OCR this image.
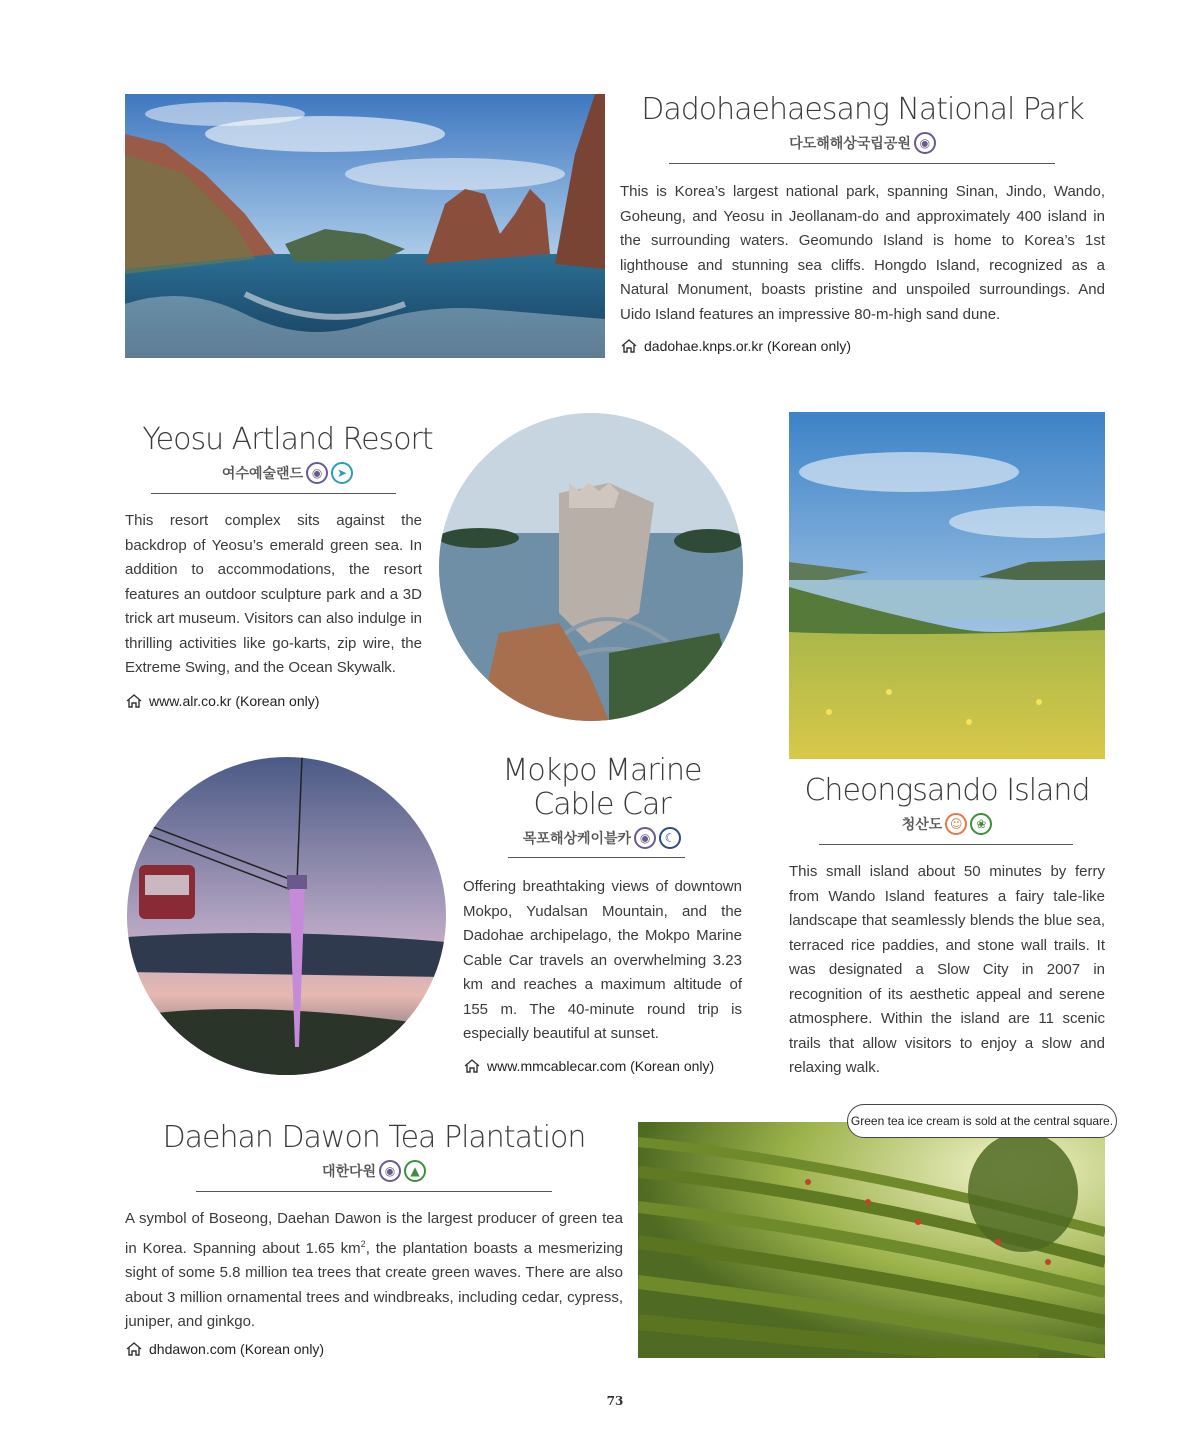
Dadohaehaesang National Park
다도해해상국립공원 ◉
This is Korea’s largest national park, spanning Sinan, Jindo, Wando, Goheung, and Yeosu in Jeollanam-do and approximately 400 island in the surrounding waters. Geomundo Island is home to Korea’s 1st lighthouse and stunning sea cliffs. Hongdo Island, recognized as a Natural Monument, boasts pristine and unspoiled surroundings. And Uido Island features an impressive 80-m-high sand dune.
dadohae.knps.or.kr (Korean only)
Yeosu Artland Resort
여수예술랜드 ◉	➤
This resort complex sits against the backdrop of Yeosu’s emerald green sea. In addition to accommodations, the resort features an outdoor sculpture park and a 3D trick art museum. Visitors can also indulge in thrilling activities like go-karts, zip wire, the Extreme Swing, and the Ocean Skywalk.
www.alr.co.kr (Korean only)
Mokpo Marine
Cable Car
목포해상케이블카 ◉	☾
Offering breathtaking views of downtown Mokpo, Yudalsan Mountain, and the Dadohae archipelago, the Mokpo Marine Cable Car travels an overwhelming 3.23 km and reaches a maximum altitude of 155 m. The 40-minute round trip is especially beautiful at sunset.
www.mmcablecar.com (Korean only)
Cheongsando Island
청산도 ☺	❀
This small island about 50 minutes by ferry from Wando Island features a fairy tale-like landscape that seamlessly blends the blue sea, terraced rice paddies, and stone wall trails. It was designated a Slow City in 2007 in recognition of its aesthetic appeal and serene atmosphere. Within the island are 11 scenic trails that allow visitors to enjoy a slow and relaxing walk.
Daehan Dawon Tea Plantation
대한다원 ◉	▲
A symbol of Boseong, Daehan Dawon is the largest producer of green tea in Korea. Spanning about 1.65 $km^2$, the plantation boasts a mesmerizing sight of some 5.8 million tea trees that create green waves. There are also about 3 million ornamental trees and windbreaks, including cedar, cypress, juniper, and ginkgo.
dhdawon.com (Korean only)
Green tea ice cream is sold at the central square.
73
